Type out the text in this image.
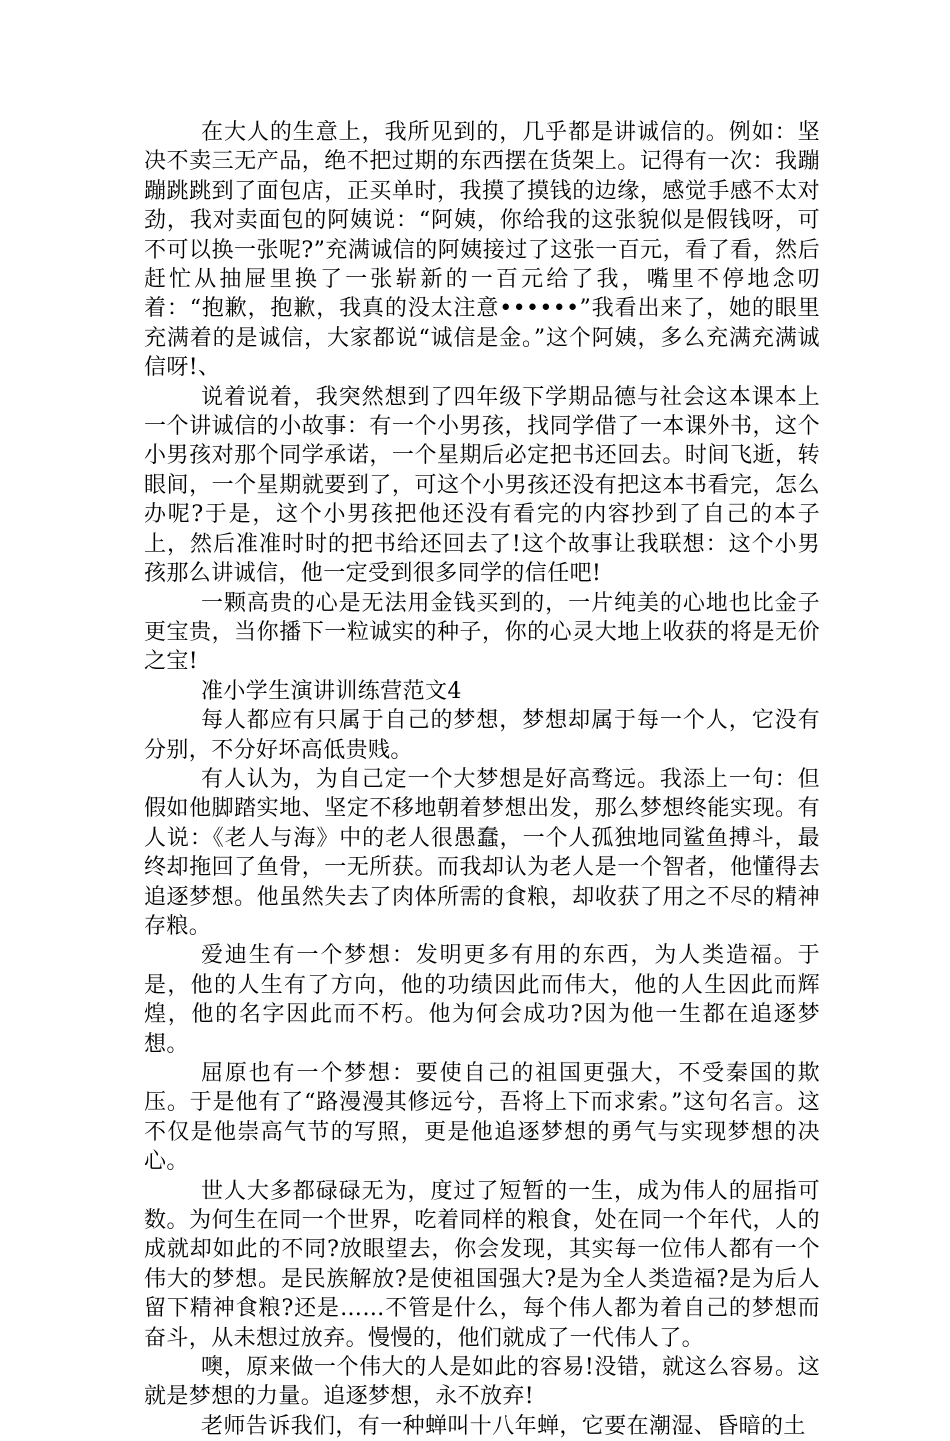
在大人的生意上，我所见到的，几乎都是讲诚信的。例如：坚决不卖三无产品，绝不把过期的东西摆在货架上。记得有一次：我蹦蹦跳跳到了面包店，正买单时，我摸了摸钱的边缘，感觉手感不太对劲，我对卖面包的阿姨说：“阿姨，你给我的这张貌似是假钱呀，可不可以换一张呢?”充满诚信的阿姨接过了这张一百元，看了看，然后赶忙从抽屉里换了一张崭新的一百元给了我，嘴里不停地念叨着：“抱歉，抱歉，我真的没太注意••••••”我看出来了，她的眼里充满着的是诚信，大家都说“诚信是金。”这个阿姨，多么充满充满诚信呀!、

说着说着，我突然想到了四年级下学期品德与社会这本课本上一个讲诚信的小故事：有一个小男孩，找同学借了一本课外书，这个小男孩对那个同学承诺，一个星期后必定把书还回去。时间飞逝，转眼间，一个星期就要到了，可这个小男孩还没有把这本书看完，怎么办呢?于是，这个小男孩把他还没有看完的内容抄到了自己的本子上，然后准准时时的把书给还回去了!这个故事让我联想：这个小男孩那么讲诚信，他一定受到很多同学的信任吧!

一颗高贵的心是无法用金钱买到的，一片纯美的心地也比金子更宝贵，当你播下一粒诚实的种子，你的心灵大地上收获的将是无价之宝!

准小学生演讲训练营范文4

每人都应有只属于自己的梦想，梦想却属于每一个人，它没有分别，不分好坏高低贵贱。

有人认为，为自己定一个大梦想是好高骛远。我添上一句：但假如他脚踏实地、坚定不移地朝着梦想出发，那么梦想终能实现。有人说：《老人与海》中的老人很愚蠢，一个人孤独地同鲨鱼搏斗，最终却拖回了鱼骨，一无所获。而我却认为老人是一个智者，他懂得去追逐梦想。他虽然失去了肉体所需的食粮，却收获了用之不尽的精神存粮。

爱迪生有一个梦想：发明更多有用的东西，为人类造福。于是，他的人生有了方向，他的功绩因此而伟大，他的人生因此而辉煌，他的名字因此而不朽。他为何会成功?因为他一生都在追逐梦想。

屈原也有一个梦想：要使自己的祖国更强大，不受秦国的欺压。于是他有了“路漫漫其修远兮，吾将上下而求索。”这句名言。这不仅是他崇高气节的写照，更是他追逐梦想的勇气与实现梦想的决心。

世人大多都碌碌无为，度过了短暂的一生，成为伟人的屈指可数。为何生在同一个世界，吃着同样的粮食，处在同一个年代，人的成就却如此的不同?放眼望去，你会发现，其实每一位伟人都有一个伟大的梦想。是民族解放?是使祖国强大?是为全人类造福?是为后人留下精神食粮?还是……不管是什么，每个伟人都为着自己的梦想而奋斗，从未想过放弃。慢慢的，他们就成了一代伟人了。

噢，原来做一个伟大的人是如此的容易!没错，就这么容易。这就是梦想的力量。追逐梦想，永不放弃!

老师告诉我们，有一种蝉叫十八年蝉，它要在潮湿、昏暗的土
